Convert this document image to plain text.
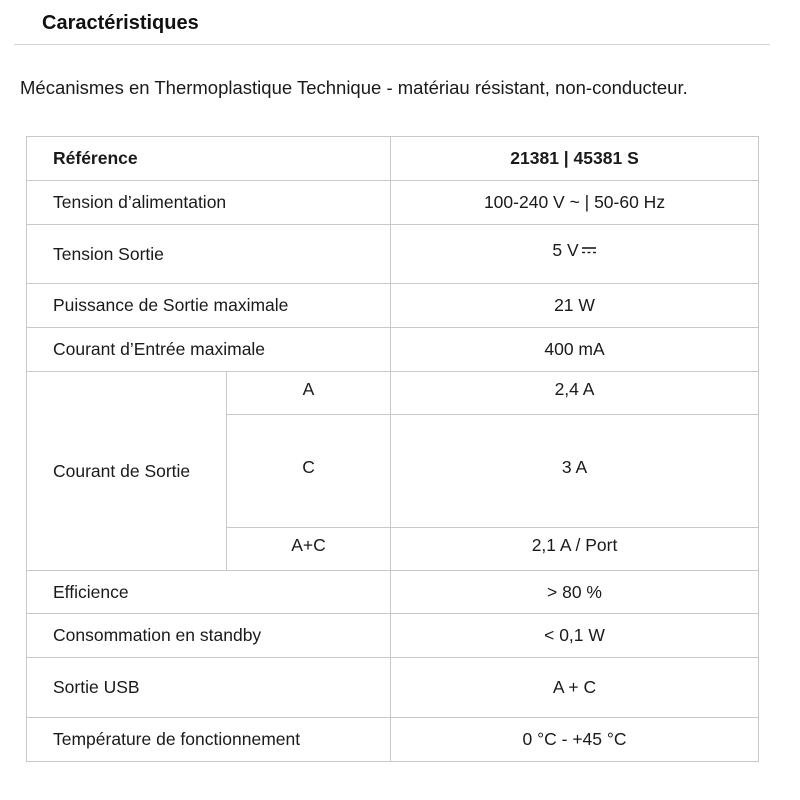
Caractéristiques

Mécanismes en Thermoplastique Technique - matériau résistant, non-conducteur.

Référence		21381 | 45381 S
Tension d’alimentation		100-240 V ~ | 50-60 Hz
Tension Sortie		5 V
Puissance de Sortie maximale		21 W
Courant d’Entrée maximale		400 mA
Courant de Sortie	A	2,4 A
	C	3 A
	A+C	2,1 A / Port
Efficience		> 80 %
Consommation en standby		< 0,1 W
Sortie USB		A + C
Température de fonctionnement		0 °C - +45 °C
